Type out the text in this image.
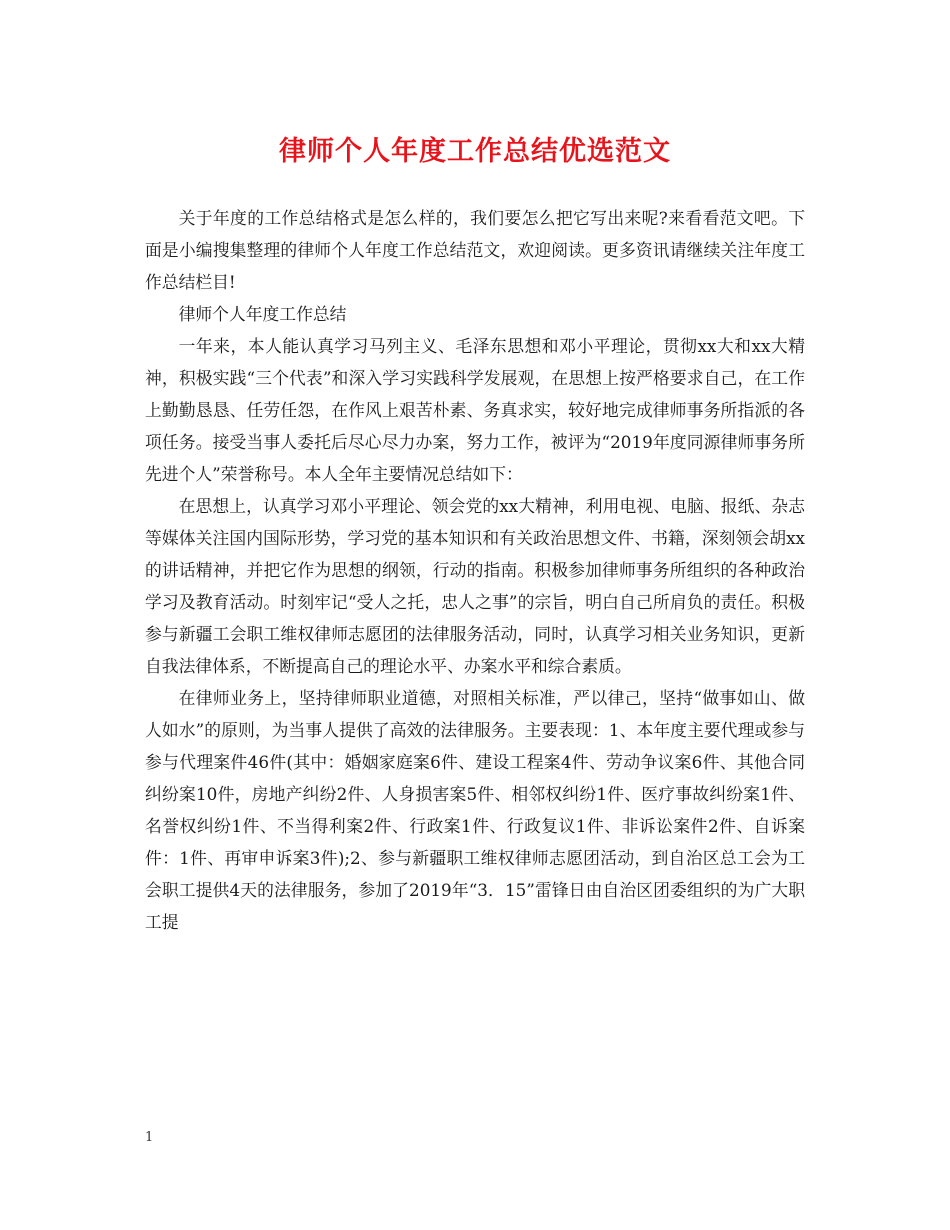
律师个人年度工作总结优选范文

关于年度的工作总结格式是怎么样的，我们要怎么把它写出来呢?来看看范文吧。下面是小编搜集整理的律师个人年度工作总结范文，欢迎阅读。更多资讯请继续关注年度工作总结栏目!

律师个人年度工作总结

一年来，本人能认真学习马列主义、毛泽东思想和邓小平理论，贯彻xx大和xx大精神，积极实践“三个代表”和深入学习实践科学发展观，在思想上按严格要求自己，在工作上勤勤恳恳、任劳任怨，在作风上艰苦朴素、务真求实，较好地完成律师事务所指派的各项任务。接受当事人委托后尽心尽力办案，努力工作，被评为“2019年度同源律师事务所先进个人”荣誉称号。本人全年主要情况总结如下：

在思想上，认真学习邓小平理论、领会党的xx大精神，利用电视、电脑、报纸、杂志等媒体关注国内国际形势，学习党的基本知识和有关政治思想文件、书籍，深刻领会胡xx的讲话精神，并把它作为思想的纲领，行动的指南。积极参加律师事务所组织的各种政治学习及教育活动。时刻牢记“受人之托，忠人之事”的宗旨，明白自己所肩负的责任。积极参与新疆工会职工维权律师志愿团的法律服务活动，同时，认真学习相关业务知识，更新自我法律体系，不断提高自己的理论水平、办案水平和综合素质。

在律师业务上，坚持律师职业道德，对照相关标准，严以律己，坚持“做事如山、做人如水”的原则，为当事人提供了高效的法律服务。主要表现：1、本年度主要代理或参与参与代理案件46件(其中：婚姻家庭案6件、建设工程案4件、劳动争议案6件、其他合同纠纷案10件，房地产纠纷2件、人身损害案5件、相邻权纠纷1件、医疗事故纠纷案1件、名誉权纠纷1件、不当得利案2件、行政案1件、行政复议1件、非诉讼案件2件、自诉案件：1件、再审申诉案3件);2、参与新疆职工维权律师志愿团活动，到自治区总工会为工会职工提供4天的法律服务，参加了2019年“3．15”雷锋日由自治区团委组织的为广大职工提

1
